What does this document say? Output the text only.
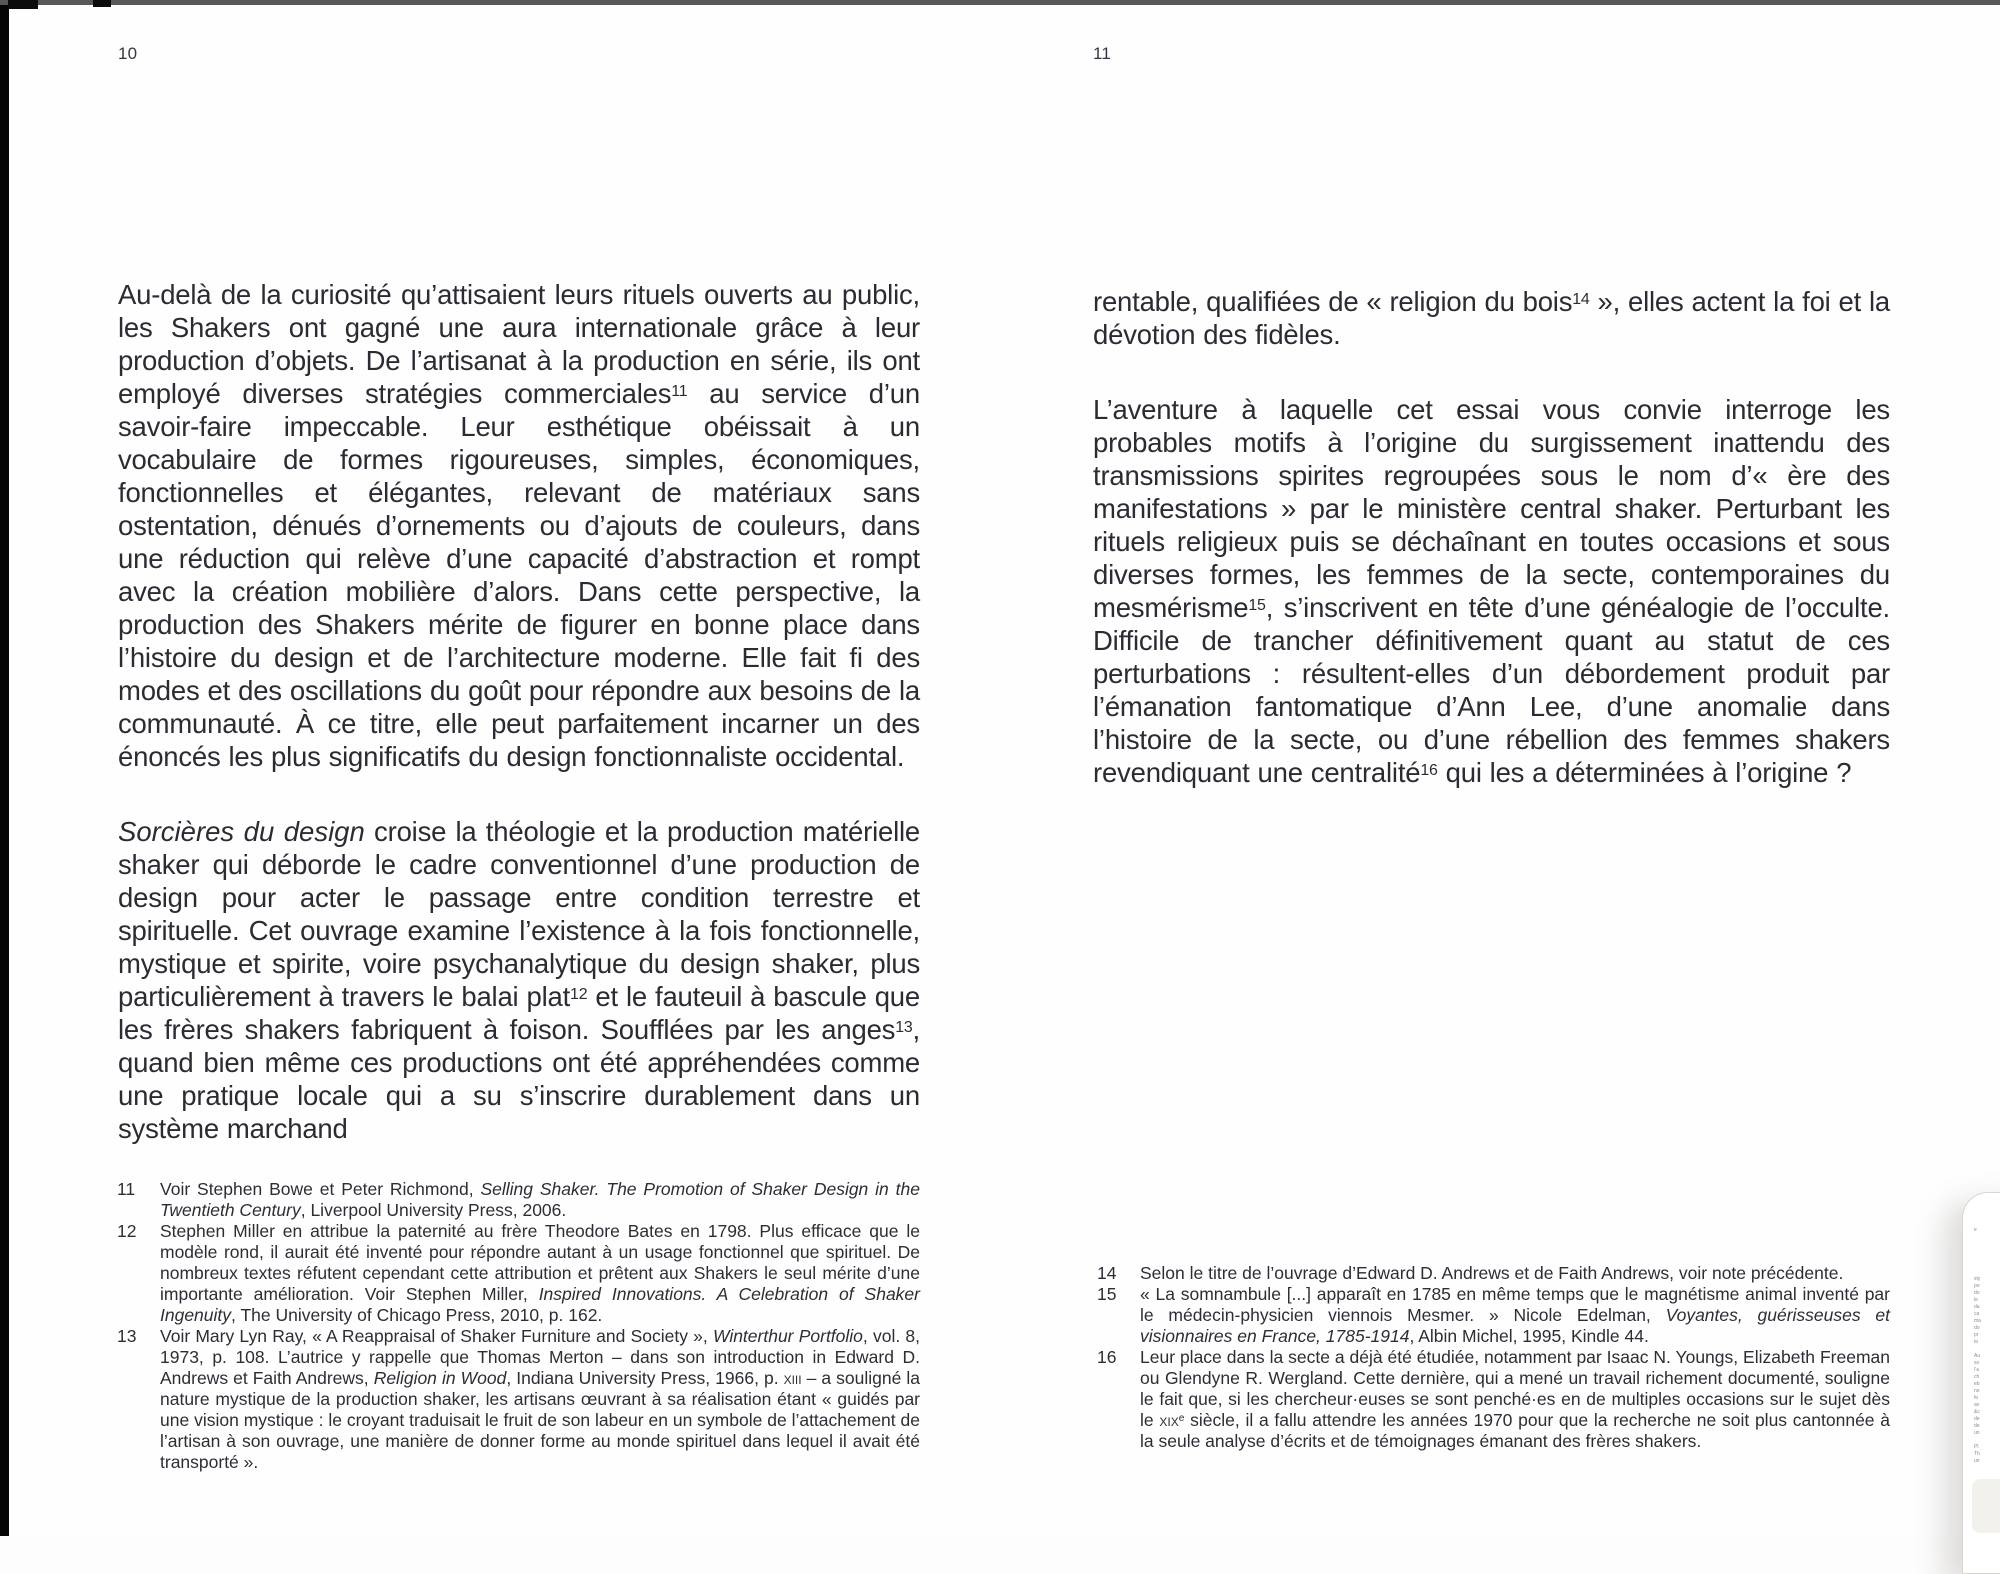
10

Au-delà de la curiosité qu’attisaient leurs rituels ouverts au public, les Shakers ont gagné une aura internationale grâce à leur production d’objets. De l’artisanat à la production en série, ils ont employé diverses stratégies commerciales$^{11}$ au service d’un savoir-faire impeccable. Leur esthétique obéissait à un vocabulaire de formes rigoureuses, simples, économiques, fonctionnelles et élégantes, relevant de matériaux sans ostentation, dénués d’ornements ou d’ajouts de couleurs, dans une réduction qui relève d’une capacité d’abstraction et rompt avec la création mobilière d’alors. Dans cette perspective, la production des Shakers mérite de figurer en bonne place dans l’histoire du design et de l’architecture moderne. Elle fait fi des modes et des oscillations du goût pour répondre aux besoins de la communauté. À ce titre, elle peut parfaitement incarner un des énoncés les plus significatifs du design fonctionnaliste occidental.

Sorcières du design croise la théologie et la production matérielle shaker qui déborde le cadre conventionnel d’une production de design pour acter le passage entre condition terrestre et spirituelle. Cet ouvrage examine l’existence à la fois fonctionnelle, mystique et spirite, voire psychanalytique du design shaker, plus particulièrement à travers le balai plat$^{12}$ et le fauteuil à bascule que les frères shakers fabriquent à foison. Soufflées par les anges$^{13}$, quand bien même ces productions ont été appréhendées comme une pratique locale qui a su s’inscrire durablement dans un système marchand

11	Voir Stephen Bowe et Peter Richmond, Selling Shaker. The Promotion of Shaker Design in the Twentieth Century, Liverpool University Press, 2006.
12	Stephen Miller en attribue la paternité au frère Theodore Bates en 1798. Plus efficace que le modèle rond, il aurait été inventé pour répondre autant à un usage fonctionnel que spirituel. De nombreux textes réfutent cependant cette attribution et prêtent aux Shakers le seul mérite d’une importante amélioration. Voir Stephen Miller, Inspired Innovations. A Celebration of Shaker Ingenuity, The University of Chicago Press, 2010, p. 162.
13	Voir Mary Lyn Ray, « A Reappraisal of Shaker Furniture and Society », Winterthur Portfolio, vol. 8, 1973, p. 108. L’autrice y rappelle que Thomas Merton – dans son introduction in Edward D. Andrews et Faith Andrews, Religion in Wood, Indiana University Press, 1966, p. xiii – a souligné la nature mystique de la production shaker, les artisans œuvrant à sa réalisation étant « guidés par une vision mystique : le croyant traduisait le fruit de son labeur en un symbole de l’attachement de l’artisan à son ouvrage, une manière de donner forme au monde spirituel dans lequel il avait été transporté ».
11

rentable, qualifiées de « religion du bois$^{14}$ », elles actent la foi et la dévotion des fidèles.

L’aventure à laquelle cet essai vous convie interroge les probables motifs à l’origine du surgissement inattendu des transmissions spirites regroupées sous le nom d’« ère des manifestations » par le ministère central shaker. Perturbant les rituels religieux puis se déchaînant en toutes occasions et sous diverses formes, les femmes de la secte, contemporaines du mesmérisme$^{15}$, s’inscrivent en tête d’une généalogie de l’occulte. Difficile de trancher définitivement quant au statut de ces perturbations : résultent-elles d’un débordement produit par l’émanation fantomatique d’Ann Lee, d’une anomalie dans l’histoire de la secte, ou d’une rébellion des femmes shakers revendiquant une centralité$^{16}$ qui les a déterminées à l’origine ?

14	Selon le titre de l’ouvrage d’Edward D. Andrews et de Faith Andrews, voir note précédente.
15	« La somnambule [...] apparaît en 1785 en même temps que le magnétisme animal inventé par le médecin-physicien viennois Mesmer. » Nicole Edelman, Voyantes, guérisseuses et visionnaires en France, 1785-1914, Albin Michel, 1995, Kindle 44.
16	Leur place dans la secte a déjà été étudiée, notamment par Isaac N. Youngs, Elizabeth Freeman ou Glendyne R. Wergland. Cette dernière, qui a mené un travail richement documenté, souligne le fait que, si les chercheur·euses se sont penché·es en de multiples occasions sur le sujet dès le xix$^e$ siècle, il a fallu attendre les années 1970 pour que la recherche ne soit plus cantonnée à la seule analyse d’écrits et de témoignages émanant des frères shakers.
e
sty
po
do
le
da
ca
ma
do
pr
to
Au
so
l’a
ch
eb
no
fo
av
&c
de
de
un
Pl
Th
un
